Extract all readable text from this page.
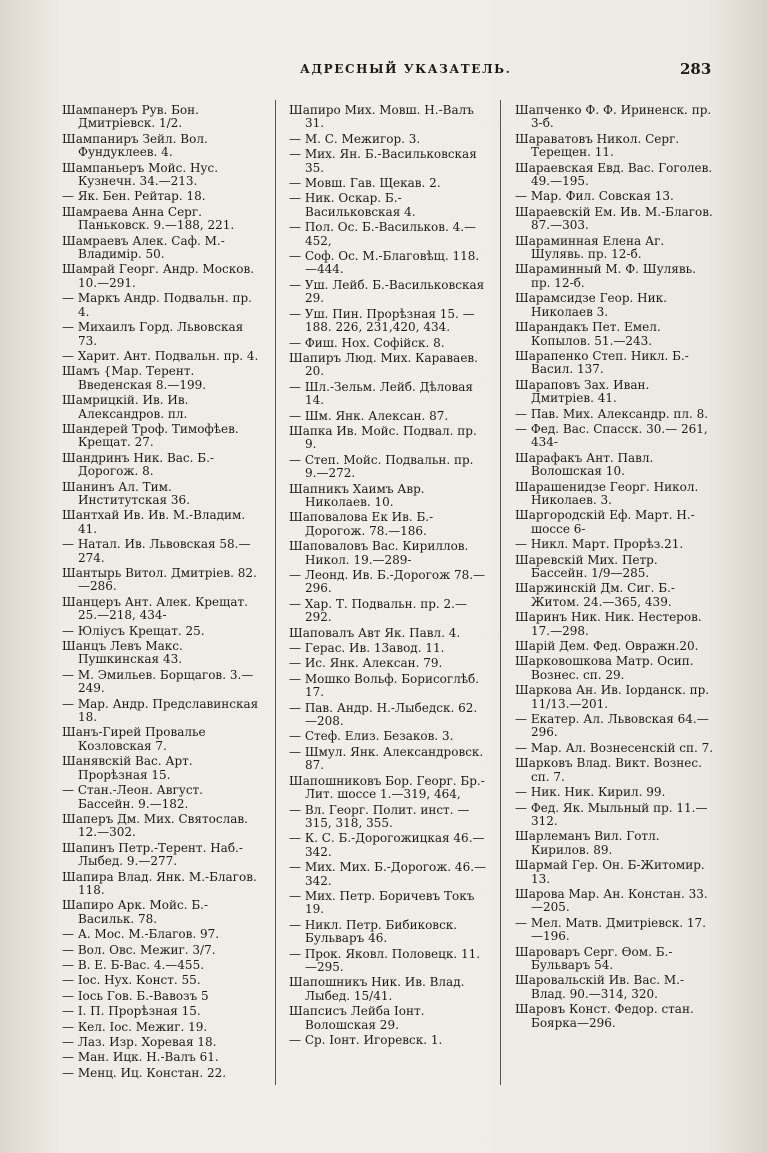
АДРЕСНЫЙ УКАЗАТЕЛЬ.	283
Шампанеръ Рув. Бон. Дмитрiевск. 1/2.
Шампаниръ Зейл. Вол. Фундуклеев. 4.
Шампаньеръ Мойс. Нус. Кузнечн. 34.—213.
— Як. Бен. Рейтар. 18.
Шамраева Анна Серг. Паньковск. 9.—188, 221.
Шамраевъ Алек. Саф. М.-Владимiр. 50.
Шамрай Георг. Андр. Москов. 10.—291.
— Маркъ Андр. Подвальн. пр. 4.
— Михаилъ Горд. Львовская 73.
— Харит. Ант. Подвальн. пр. 4.
Шамъ {Мар. Терент. Введенская 8.—199.
Шамрицкiй. Ив. Ив. Александров. пл.
Шандерей Троф. Тимофѣев. Крещат. 27.
Шандринъ Ник. Вас. Б.-Дорогож. 8.
Шанинъ Ал. Тим. Институтская 36.
Шантхай Ив. Ив. М.-Владим. 41.
— Натал. Ив. Львовская 58.—274.
Шантырь Витол. Дмитрiев. 82.—286.
Шанцеръ Ант. Алек. Крещат. 25.—218, 434-
— Юлiусъ Крещат. 25.
Шанцъ Левъ Макс. Пушкинская 43.
— М. Эмильев. Борщагов. 3.—249.
— Мар. Андр. Предславинская 18.
Шанъ-Гирей Провалье Козловская 7.
Шанявскiй Вас. Арт. Прорѣзная 15.
— Стан.-Леон. Август. Бассейн. 9.—182.
Шаперъ Дм. Мих. Святослав. 12.—302.
Шапинъ Петр.-Терент. Наб.-Лыбед. 9.—277.
Шапира Влад. Янк. М.-Благов. 118.
Шапиро Арк. Мойс. Б.-Васильк. 78.
— А. Мос. М.-Благов. 97.
— Вол. Овс. Межиг. 3/7.
— В. Е. Б-Вас. 4.—455.
— Іос. Нух. Конст. 55.
— Іось Гов. Б.-Вавозъ 5
— І. П. Прорѣзная 15.
— Кел. Іос. Межиг. 19.
— Лаз. Изр. Хоревая 18.
— Ман. Ицк. Н.-Валъ 61.
— Менц. Иц. Констан. 22.
Шапиро Мих. Мовш. Н.-Валъ 31.
— М. С. Межигор. 3.
— Мих. Ян. Б.-Васильковская 35.
— Мовш. Гав. Щекав. 2.
— Ник. Оскар. Б.-Васильковская 4.
— Пол. Ос. Б.-Васильков. 4.—452,
— Соф. Ос. М.-Благовѣщ. 118.—444.
— Уш. Лейб. Б.-Васильковская 29.
— Уш. Пин. Прорѣзная 15. —188. 226, 231,420, 434.
— Фиш. Нох. Софiйск. 8.
Шапиръ Люд. Мих. Караваев. 20.
— Шл.-Зельм. Лейб. Дѣловая 14.
— Шм. Янк. Алексан. 87.
Шапка Ив. Мойс. Подвал. пр. 9.
— Степ. Мойс. Подвальн. пр. 9.—272.
Шапникъ Хаимъ Авр. Николаев. 10.
Шаповалова Ек Ив. Б.-Дорогож. 78.—186.
Шаповаловъ Вас. Кириллов. Никол. 19.—289-
— Леонд. Ив. Б.-Дорогож 78.—296.
— Хар. Т. Подвальн. пр. 2.—292.
Шаповалъ Авт Як. Павл. 4.
— Герас. Ив. 13авод. 11.
— Ис. Янк. Алексан. 79.
— Мошко Вольф. Борисоглѣб. 17.
— Пав. Андр. Н.-Лыбедск. 62.—208.
— Стеф. Елиз. Безаков. 3.
— Шмул. Янк. Александровск. 87.
Шапошниковъ Бор. Георг. Бр.-Лит. шоссе 1.—319, 464,
— Вл. Георг. Полит. инст. —315, 318, 355.
— К. С. Б.-Дорогожицкая 46.—342.
— Мих. Мих. Б.-Дорогож. 46.—342.
— Мих. Петр. Боричевъ Токъ 19.
— Никл. Петр. Бибиковск. Бульваръ 46.
— Прок. Яковл. Половецк. 11.—295.
Шапошникъ Ник. Ив. Влад. Лыбед. 15/41.
Шапсисъ Лейба Іонт. Волошская 29.
— Ср. Іонт. Игоревск. 1.
Шапченко Ф. Ф. Ириненск. пр. 3-б.
Шараватовъ Никол. Серг. Терещен. 11.
Шараевская Евд. Вас. Гоголев. 49.—195.
— Мар. Фил. Совская 13.
Шараевскiй Ем. Ив. М.-Благов. 87.—303.
Шараминная Елена Аг. Шулявь. пр. 12-б.
Шараминный М. Ф. Шулявь. пр. 12-б.
Шарамсидзе Геор. Ник. Николаев 3.
Шарандакъ Пет. Емел. Копылов. 51.—243.
Шарапенко Степ. Никл. Б.-Васил. 137.
Шараповъ Зах. Иван. Дмитрiев. 41.
— Пав. Мих. Александр. пл. 8.
— Фед. Вас. Спасск. 30.— 261, 434-
Шарафакъ Ант. Павл. Волошская 10.
Шарашенидзе Георг. Никол. Николаев. 3.
Шаргородскiй Еф. Март. Н.-шоссе 6-
— Никл. Март. Прорѣз.21.
Шаревскiй Мих. Петр. Бассейн. 1/9—285.
Шаржинскiй Дм. Сиг. Б.-Житом. 24.—365, 439.
Шаринъ Ник. Ник. Нестеров. 17.—298.
Шарiй Дем. Фед. Овражн.20.
Шарковошкова Матр. Осип. Вознес. сп. 29.
Шаркова Ан. Ив. Іорданск. пр. 11/13.—201.
— Екатер. Ал. Львовская 64.—296.
— Мар. Ал. Вознесенскiй сп. 7.
Шарковъ Влад. Викт. Вознес. сп. 7.
— Ник. Ник. Кирил. 99.
— Фед. Як. Мыльный пр. 11.—312.
Шарлеманъ Вил. Готл. Кирилов. 89.
Шармай Гер. Он. Б-Житомир. 13.
Шарова Мар. Ан. Констан. 33.—205.
— Мел. Матв. Дмитрiевск. 17.—196.
Шароваръ Серг. Өом. Б.-Бульваръ 54.
Шаровальскiй Ив. Вас. М.-Влад. 90.—314, 320.
Шаровъ Конст. Федор. стан. Боярка—296.
